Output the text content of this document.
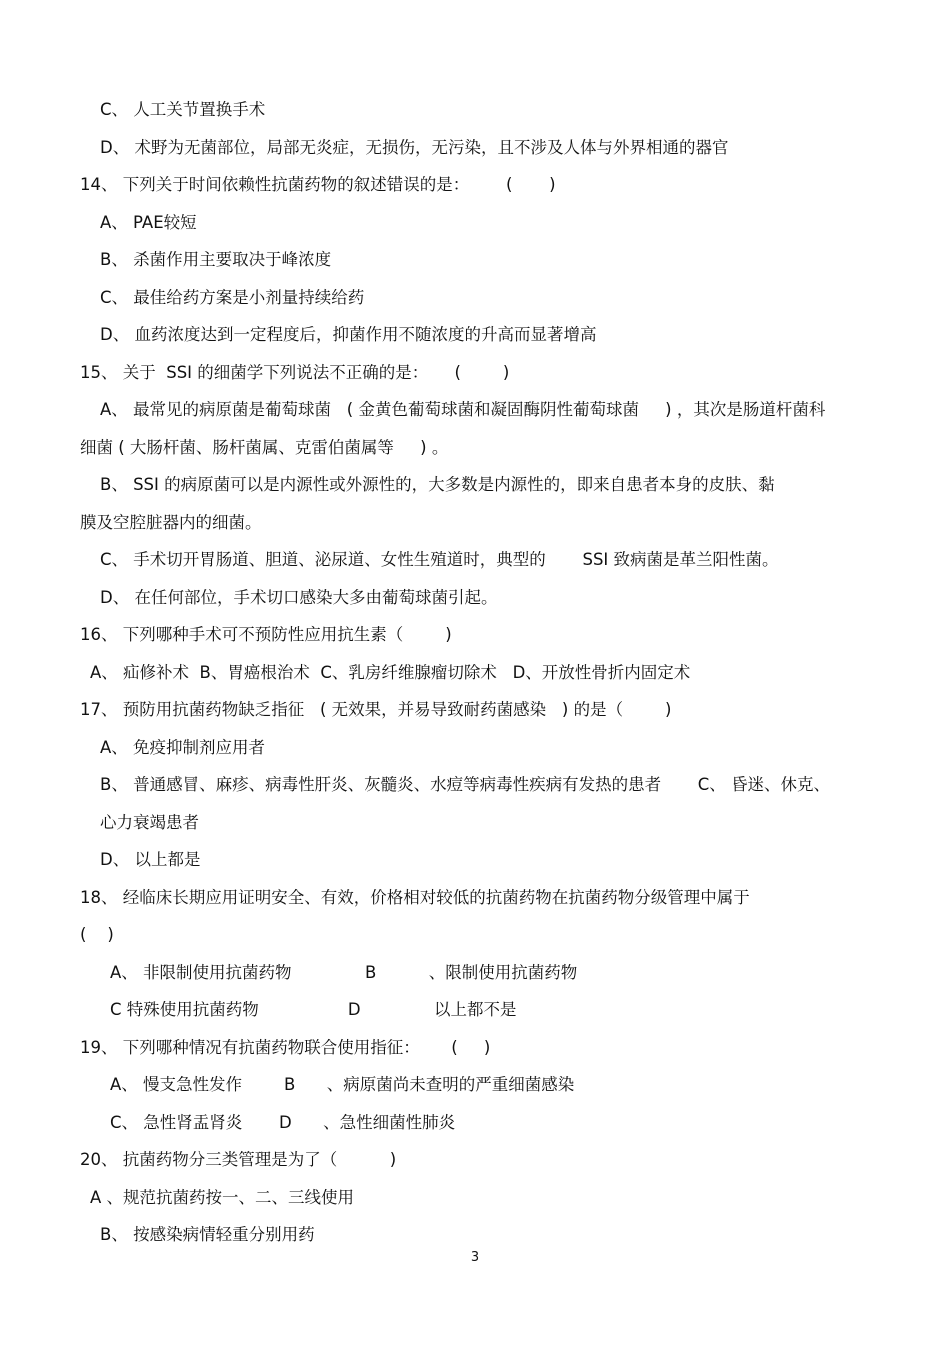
C、 人工关节置换手术
D、 术野为无菌部位，局部无炎症，无损伤，无污染，且不涉及人体与外界相通的器官
14、 下列关于时间依赖性抗菌药物的叙述错误的是：       (       )
A、 PAE较短
B、 杀菌作用主要取决于峰浓度
C、 最佳给药方案是小剂量持续给药
D、 血药浓度达到一定程度后，抑菌作用不随浓度的升高而显著增高
15、 关于  SSI 的细菌学下列说法不正确的是：     (        )
A、 最常见的病原菌是葡萄球菌   ( 金黄色葡萄球菌和凝固酶阴性葡萄球菌     ) ，其次是肠道杆菌科
细菌 ( 大肠杆菌、肠杆菌属、克雷伯菌属等     ) 。
B、 SSI 的病原菌可以是内源性或外源性的，大多数是内源性的，即来自患者本身的皮肤、黏
膜及空腔脏器内的细菌。
C、 手术切开胃肠道、胆道、泌尿道、女性生殖道时，典型的       SSI 致病菌是革兰阳性菌。
D、 在任何部位，手术切口感染大多由葡萄球菌引起。
16、 下列哪种手术可不预防性应用抗生素（        )
A、 疝修补术  B、胃癌根治术  C、乳房纤维腺瘤切除术   D、开放性骨折内固定术
17、 预防用抗菌药物缺乏指征   ( 无效果，并易导致耐药菌感染   ) 的是（        )
A、 免疫抑制剂应用者
B、 普通感冒、麻疹、病毒性肝炎、灰髓炎、水痘等病毒性疾病有发热的患者       C、 昏迷、休克、
心力衰竭患者
D、 以上都是
18、 经临床长期应用证明安全、有效，价格相对较低的抗菌药物在抗菌药物分级管理中属于
(    )
A、 非限制使用抗菌药物              B          、限制使用抗菌药物
C 特殊使用抗菌药物                 D              以上都不是
19、 下列哪种情况有抗菌药物联合使用指征：      (     )
A、 慢支急性发作        B      、病原菌尚未查明的严重细菌感染
C、 急性肾盂肾炎       D      、急性细菌性肺炎
20、 抗菌药物分三类管理是为了（          )
A 、规范抗菌药按一、二、三线使用
B、 按感染病情轻重分别用药
3
